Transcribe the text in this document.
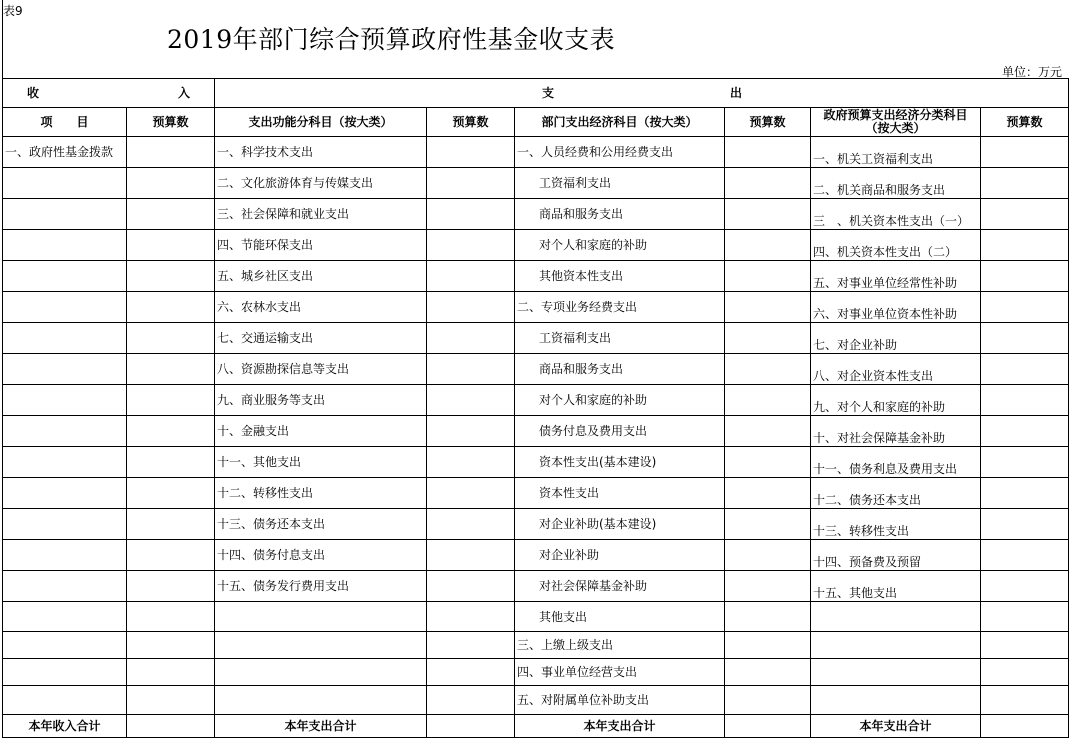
表9
2019年部门综合预算政府性基金收支表
单位：万元
收 入		支 出					

项　　目	预算数	支出功能分科目（按大类）	预算数	部门支出经济科目（按大类）	预算数	政府预算支出经济分类科目（按大类）	预算数
一、政府性基金拨款		一、科学技术支出		一、人员经费和公用经费支出		一、机关工资福利支出	
		二、文化旅游体育与传媒支出		工资福利支出		二、机关商品和服务支出	
		三、社会保障和就业支出		商品和服务支出		三　、机关资本性支出（一）	
		四、节能环保支出		对个人和家庭的补助		四、机关资本性支出（二）	
		五、城乡社区支出		其他资本性支出		五、对事业单位经常性补助	
		六、农林水支出		二、专项业务经费支出		六、对事业单位资本性补助	
		七、交通运输支出		工资福利支出		七、对企业补助	
		八、资源勘探信息等支出		商品和服务支出		八、对企业资本性支出	
		九、商业服务等支出		对个人和家庭的补助		九、对个人和家庭的补助	
		十、金融支出		债务付息及费用支出		十、对社会保障基金补助	
		十一、其他支出		资本性支出(基本建设)		十一、债务利息及费用支出	
		十二、转移性支出		资本性支出		十二、债务还本支出	
		十三、债务还本支出		对企业补助(基本建设)		十三、转移性支出	
		十四、债务付息支出		对企业补助		十四、预备费及预留	
		十五、债务发行费用支出		对社会保障基金补助		十五、其他支出	
				其他支出			
				三、上缴上级支出			
				四、事业单位经营支出			
				五、对附属单位补助支出			
本年收入合计		本年支出合计		本年支出合计		本年支出合计	
